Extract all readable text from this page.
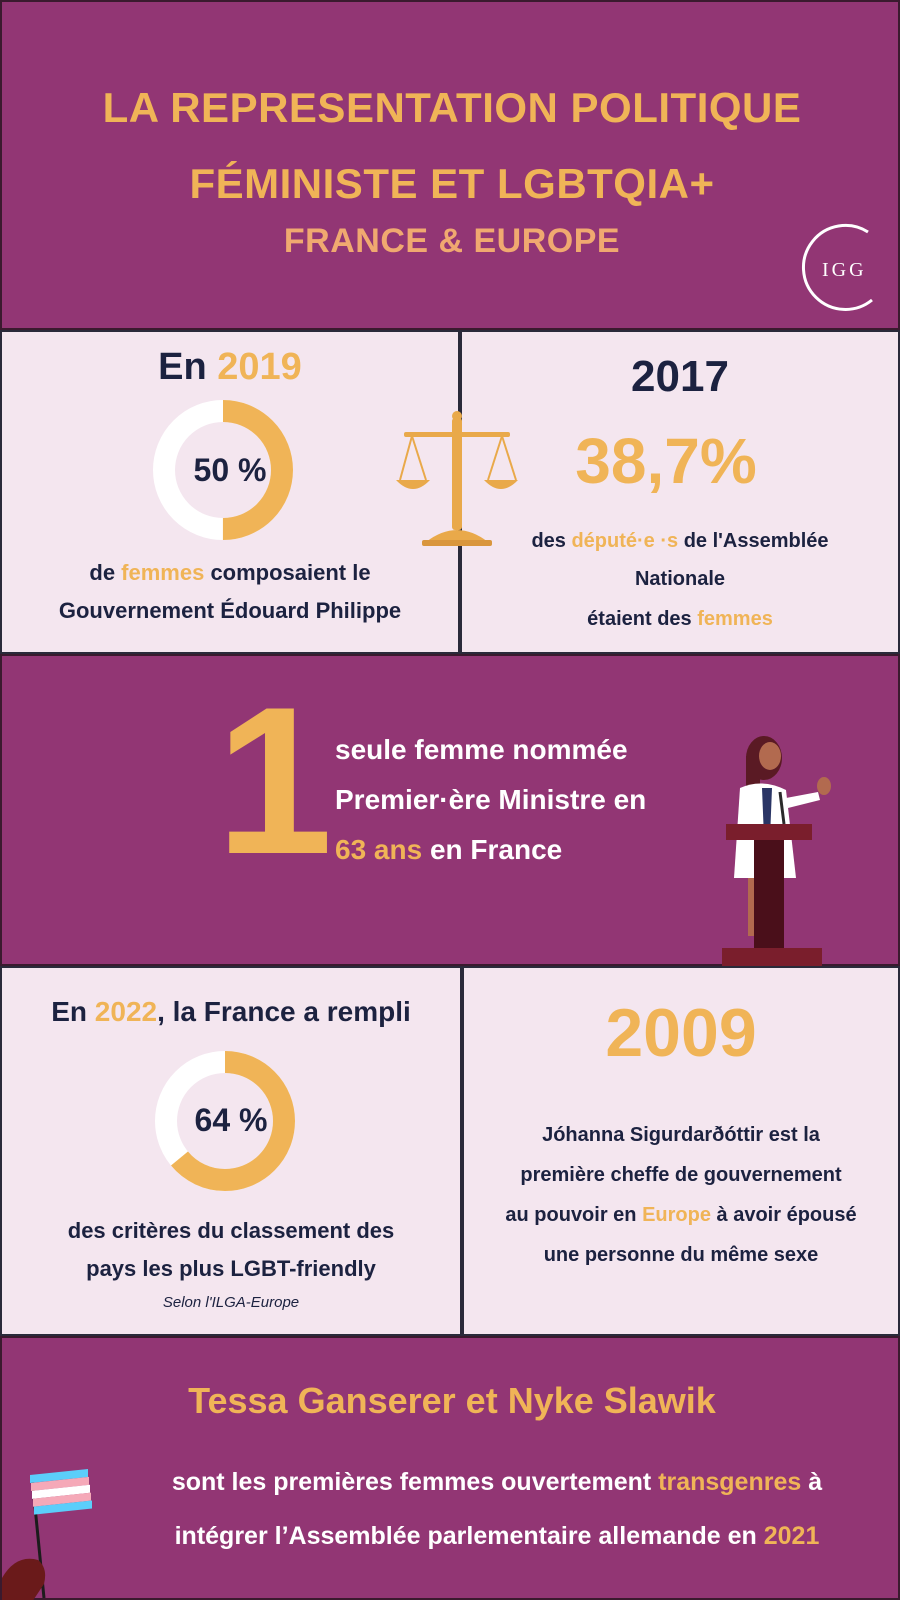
LA REPRESENTATION POLITIQUE
FÉMINISTE ET LGBTQIA+
FRANCE & EUROPE
IGG
En 2019
50 %
de femmes composaient le
Gouvernement Édouard Philippe
2017
38,7%
des député·e ·s de l'Assemblée
Nationale
étaient des femmes
1 seule femme nommée
Premier·ère Ministre en
63 ans en France
En 2022, la France a rempli
64 %
des critères du classement des
pays les plus LGBT-friendly
Selon l'ILGA-Europe
2009
Jóhanna Sigurdarðóttir est la
première cheffe de gouvernement
au pouvoir en Europe à avoir épousé
une personne du même sexe
Tessa Ganserer et Nyke Slawik
sont les premières femmes ouvertement transgenres à
intégrer l’Assemblée parlementaire allemande en 2021
